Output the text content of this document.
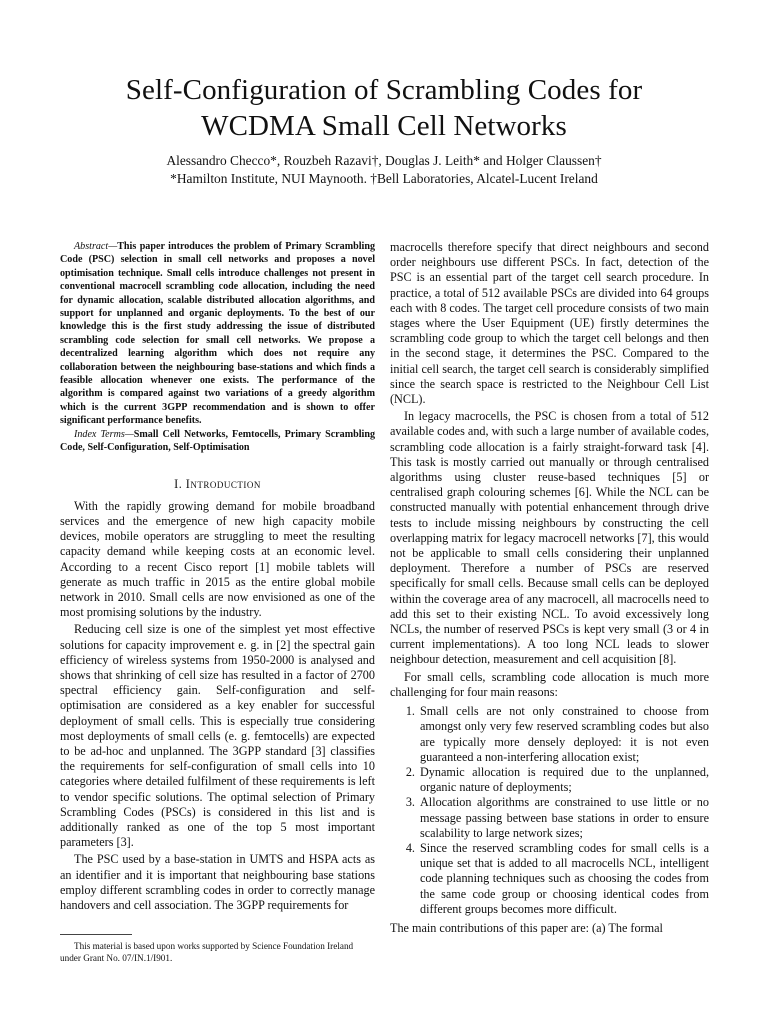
Self-Configuration of Scrambling Codes for
WCDMA Small Cell Networks
Alessandro Checco*, Rouzbeh Razavi†, Douglas J. Leith* and Holger Claussen†
*Hamilton Institute, NUI Maynooth. †Bell Laboratories, Alcatel-Lucent Ireland

Abstract—This paper introduces the problem of Primary Scrambling Code (PSC) selection in small cell networks and proposes a novel optimisation technique. Small cells introduce challenges not present in conventional macrocell scrambling code allocation, including the need for dynamic allocation, scalable distributed allocation algorithms, and support for unplanned and organic deployments. To the best of our knowledge this is the first study addressing the issue of distributed scrambling code selection for small cell networks. We propose a decentralized learning algorithm which does not require any collaboration between the neighbouring base-stations and which finds a feasible allocation whenever one exists. The performance of the algorithm is compared against two variations of a greedy algorithm which is the current 3GPP recommendation and is shown to offer significant performance benefits.

Index Terms—Small Cell Networks, Femtocells, Primary Scrambling Code, Self-Configuration, Self-Optimisation

I. Introduction

With the rapidly growing demand for mobile broadband services and the emergence of new high capacity mobile devices, mobile operators are struggling to meet the resulting capacity demand while keeping costs at an economic level. According to a recent Cisco report [1] mobile tablets will generate as much traffic in 2015 as the entire global mobile network in 2010. Small cells are now envisioned as one of the most promising solutions by the industry.

Reducing cell size is one of the simplest yet most effective solutions for capacity improvement e. g. in [2] the spectral gain efficiency of wireless systems from 1950-2000 is analysed and shows that shrinking of cell size has resulted in a factor of 2700 spectral efficiency gain. Self-configuration and self-optimisation are considered as a key enabler for successful deployment of small cells. This is especially true considering most deployments of small cells (e. g. femtocells) are expected to be ad-hoc and unplanned. The 3GPP standard [3] classifies the requirements for self-configuration of small cells into 10 categories where detailed fulfilment of these requirements is left to vendor specific solutions. The optimal selection of Primary Scrambling Codes (PSCs) is considered in this list and is additionally ranked as one of the top 5 most important parameters [3].

The PSC used by a base-station in UMTS and HSPA acts as an identifier and it is important that neighbouring base stations employ different scrambling codes in order to correctly manage handovers and cell association. The 3GPP requirements for

This material is based upon works supported by Science Foundation Ireland under Grant No. 07/IN.1/I901.

macrocells therefore specify that direct neighbours and second order neighbours use different PSCs. In fact, detection of the PSC is an essential part of the target cell search procedure. In practice, a total of 512 available PSCs are divided into 64 groups each with 8 codes. The target cell procedure consists of two main stages where the User Equipment (UE) firstly determines the scrambling code group to which the target cell belongs and then in the second stage, it determines the PSC. Compared to the initial cell search, the target cell search is considerably simplified since the search space is restricted to the Neighbour Cell List (NCL).

In legacy macrocells, the PSC is chosen from a total of 512 available codes and, with such a large number of available codes, scrambling code allocation is a fairly straight-forward task [4]. This task is mostly carried out manually or through centralised algorithms using cluster reuse-based techniques [5] or centralised graph colouring schemes [6]. While the NCL can be constructed manually with potential enhancement through drive tests to include missing neighbours by constructing the cell overlapping matrix for legacy macrocell networks [7], this would not be applicable to small cells considering their unplanned deployment. Therefore a number of PSCs are reserved specifically for small cells. Because small cells can be deployed within the coverage area of any macrocell, all macrocells need to add this set to their existing NCL. To avoid excessively long NCLs, the number of reserved PSCs is kept very small (3 or 4 in current implementations). A too long NCL leads to slower neighbour detection, measurement and cell acquisition [8].

For small cells, scrambling code allocation is much more challenging for four main reasons:

1. Small cells are not only constrained to choose from amongst only very few reserved scrambling codes but also are typically more densely deployed: it is not even guaranteed a non-interfering allocation exist;
2. Dynamic allocation is required due to the unplanned, organic nature of deployments;
3. Allocation algorithms are constrained to use little or no message passing between base stations in order to ensure scalability to large network sizes;
4. Since the reserved scrambling codes for small cells is a unique set that is added to all macrocells NCL, intelligent code planning techniques such as choosing the codes from the same code group or choosing identical codes from different groups becomes more difficult.

The main contributions of this paper are: (a) The formal
